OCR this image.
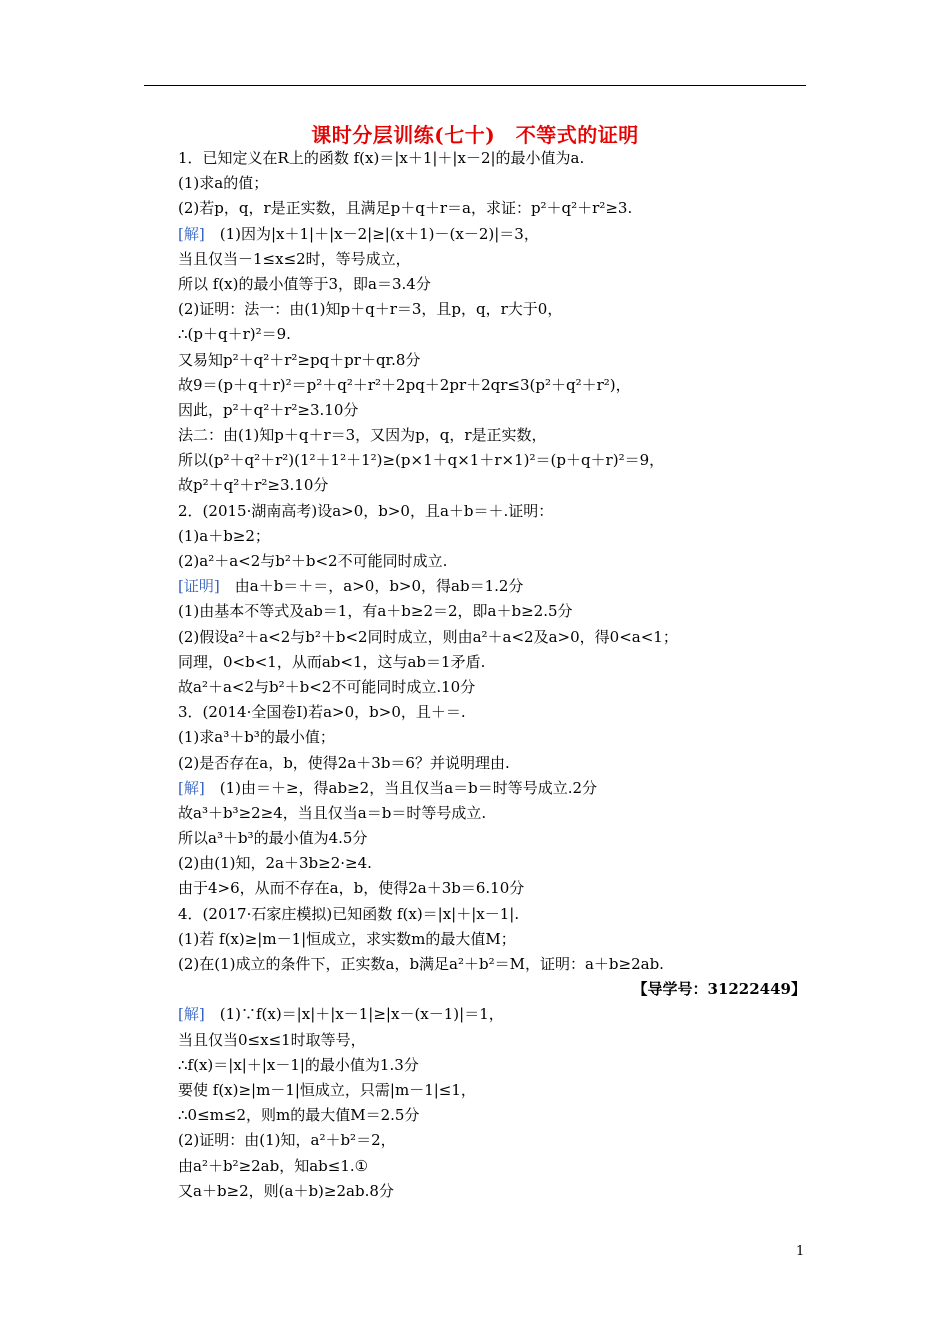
课时分层训练(七十)　不等式的证明
1．已知定义在R上的函数 f(x)＝|x＋1|＋|x－2|的最小值为a.
(1)求a的值；
(2)若p，q，r是正实数，且满足p＋q＋r＝a，求证：p²＋q²＋r²≥3.
[解]　(1)因为|x＋1|＋|x－2|≥|(x＋1)－(x－2)|＝3，
当且仅当－1≤x≤2时，等号成立，
所以 f(x)的最小值等于3，即a＝3.4分
(2)证明：法一：由(1)知p＋q＋r＝3，且p，q，r大于0，
∴(p＋q＋r)²＝9.
又易知p²＋q²＋r²≥pq＋pr＋qr.8分
故9＝(p＋q＋r)²＝p²＋q²＋r²＋2pq＋2pr＋2qr≤3(p²＋q²＋r²)，
因此，p²＋q²＋r²≥3.10分
法二：由(1)知p＋q＋r＝3，又因为p，q，r是正实数，
所以(p²＋q²＋r²)(1²＋1²＋1²)≥(p×1＋q×1＋r×1)²＝(p＋q＋r)²＝9，
故p²＋q²＋r²≥3.10分
2．(2015·湖南高考)设a>0，b>0，且a＋b＝＋.证明：
(1)a＋b≥2；
(2)a²＋a<2与b²＋b<2不可能同时成立.
[证明]　由a＋b＝＋＝，a>0，b>0，得ab＝1.2分
(1)由基本不等式及ab＝1，有a＋b≥2＝2，即a＋b≥2.5分
(2)假设a²＋a<2与b²＋b<2同时成立，则由a²＋a<2及a>0，得0<a<1；
同理，0<b<1，从而ab<1，这与ab＝1矛盾.
故a²＋a<2与b²＋b<2不可能同时成立.10分
3．(2014·全国卷Ⅰ)若a>0，b>0，且＋＝.
(1)求a³＋b³的最小值；
(2)是否存在a，b，使得2a＋3b＝6？并说明理由.
[解]　(1)由＝＋≥，得ab≥2，当且仅当a＝b＝时等号成立.2分
故a³＋b³≥2≥4，当且仅当a＝b＝时等号成立.
所以a³＋b³的最小值为4.5分
(2)由(1)知，2a＋3b≥2·≥4.
由于4>6，从而不存在a，b，使得2a＋3b＝6.10分
4．(2017·石家庄模拟)已知函数 f(x)＝|x|＋|x－1|.
(1)若 f(x)≥|m－1|恒成立，求实数m的最大值M；
(2)在(1)成立的条件下，正实数a，b满足a²＋b²＝M，证明：a＋b≥2ab.
【导学号：31222449】
[解]　(1)∵f(x)＝|x|＋|x－1|≥|x－(x－1)|＝1，
当且仅当0≤x≤1时取等号，
∴f(x)＝|x|＋|x－1|的最小值为1.3分
要使 f(x)≥|m－1|恒成立，只需|m－1|≤1，
∴0≤m≤2，则m的最大值M＝2.5分
(2)证明：由(1)知，a²＋b²＝2，
由a²＋b²≥2ab，知ab≤1.①
又a＋b≥2，则(a＋b)≥2ab.8分
1
